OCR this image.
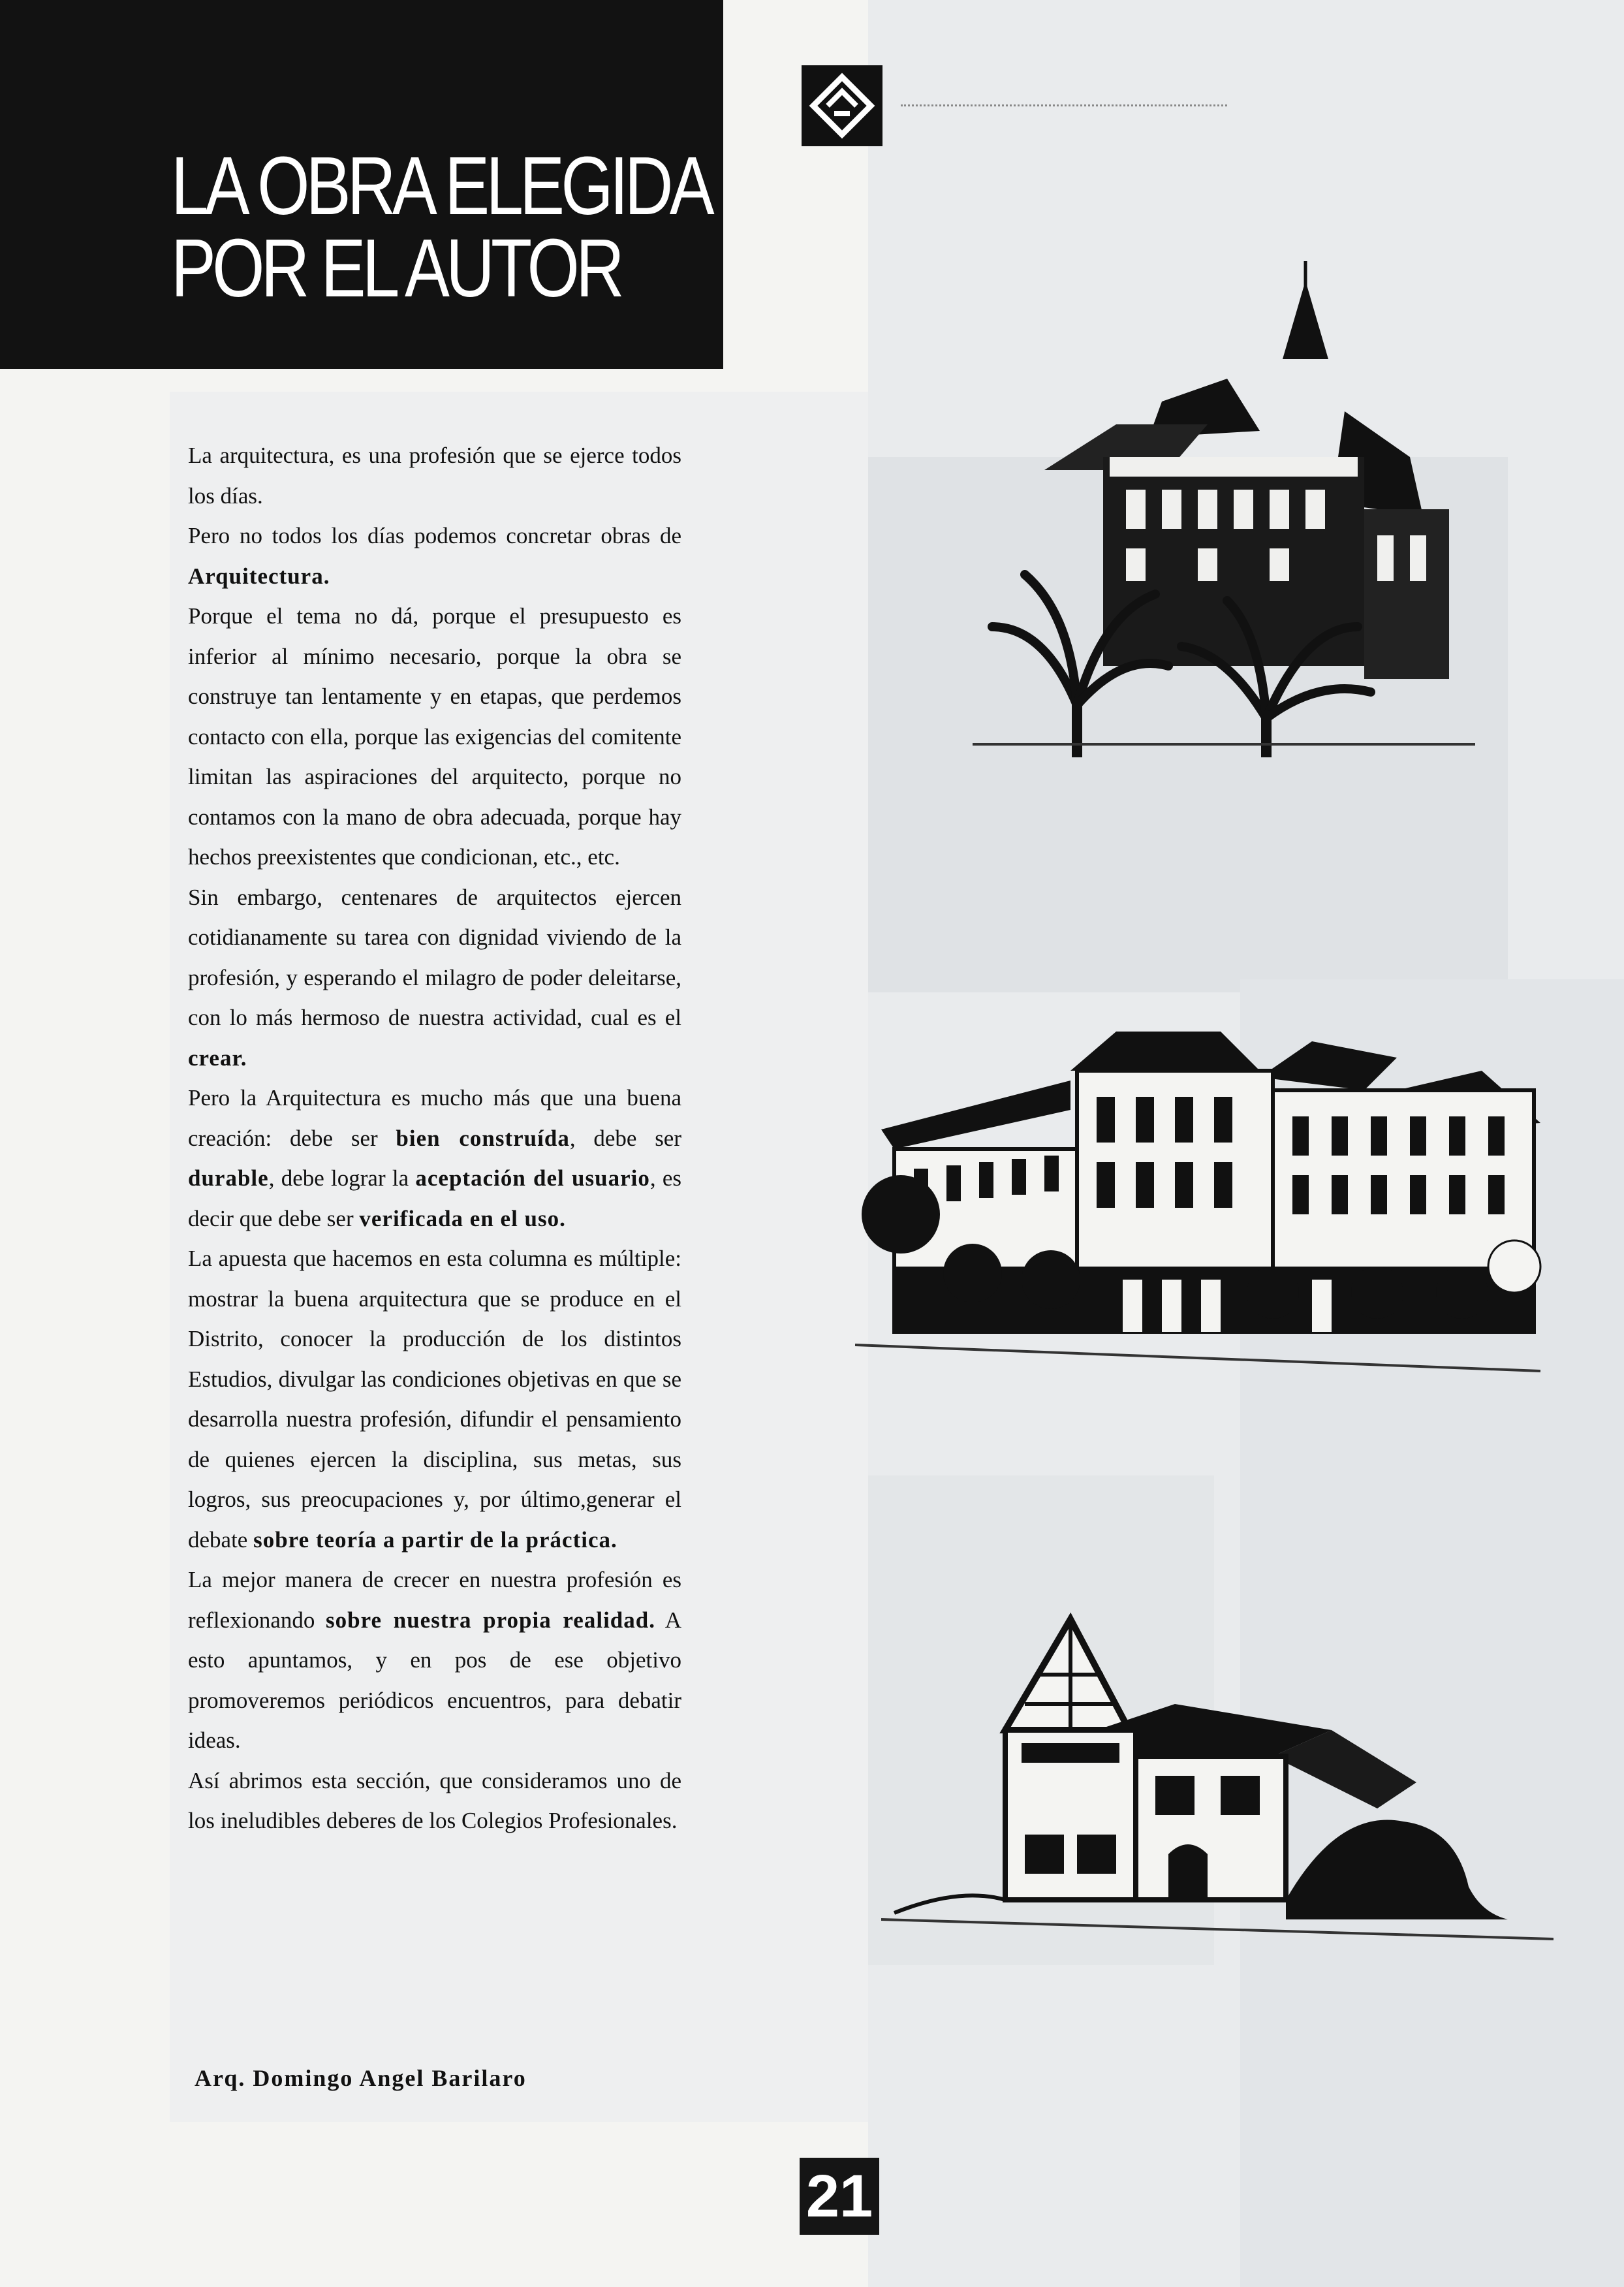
LA OBRA ELEGIDA
POR EL AUTOR

La arquitectura, es una profesión que se ejerce todos los días.

Pero no todos los días podemos concretar obras de Arquitectura.

Porque el tema no dá, porque el presupuesto es inferior al mínimo necesario, porque la obra se construye tan lentamente y en etapas, que perdemos contacto con ella, porque las exigencias del comitente limitan las aspiraciones del arquitecto, porque no contamos con la mano de obra adecuada, porque hay hechos preexistentes que condicionan, etc., etc.

Sin embargo, centenares de arquitectos ejercen cotidianamente su tarea con dignidad viviendo de la profesión, y esperando el milagro de poder deleitarse, con lo más hermoso de nuestra actividad, cual es el crear.

Pero la Arquitectura es mucho más que una buena creación: debe ser bien construída, debe ser durable, debe lograr la aceptación del usuario, es decir que debe ser verificada en el uso.

La apuesta que hacemos en esta columna es múltiple: mostrar la buena arquitectura que se produce en el Distrito, conocer la producción de los distintos Estudios, divulgar las condiciones objetivas en que se desarrolla nuestra profesión, difundir el pensamiento de quienes ejercen la disciplina, sus metas, sus logros, sus preocupaciones y, por último,generar el debate sobre teoría a partir de la práctica.

La mejor manera de crecer en nuestra profesión es reflexionando sobre nuestra propia realidad. A esto apuntamos, y en pos de ese objetivo promoveremos periódicos encuentros, para debatir ideas.

Así abrimos esta sección, que consideramos uno de los ineludibles deberes de los Colegios Profesionales.

Arq. Domingo Angel Barilaro
21
